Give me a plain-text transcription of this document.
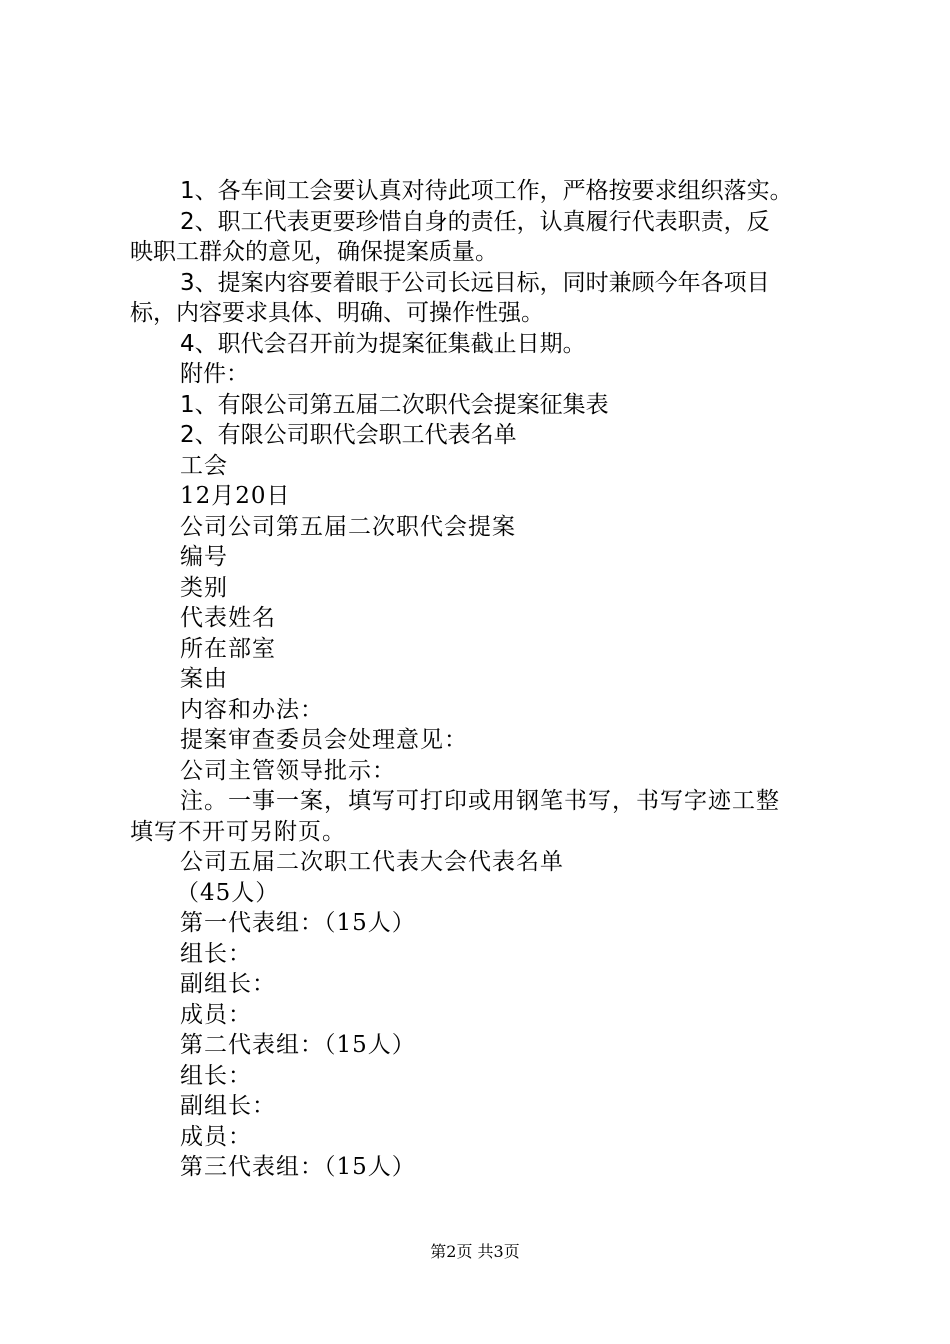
1、各车间工会要认真对待此项工作，严格按要求组织落实。
2、职工代表更要珍惜自身的责任，认真履行代表职责，反
映职工群众的意见，确保提案质量。
3、提案内容要着眼于公司长远目标，同时兼顾今年各项目
标，内容要求具体、明确、可操作性强。
4、职代会召开前为提案征集截止日期。
附件：
1、有限公司第五届二次职代会提案征集表
2、有限公司职代会职工代表名单
工会
12月20日
公司公司第五届二次职代会提案
编号
类别
代表姓名
所在部室
案由
内容和办法：
提案审查委员会处理意见：
公司主管领导批示：
注。一事一案，填写可打印或用钢笔书写，书写字迹工整
填写不开可另附页。
公司五届二次职工代表大会代表名单
（45人）
第一代表组：（15人）
组长：
副组长：
成员：
第二代表组：（15人）
组长：
副组长：
成员：
第三代表组：（15人）
第2页 共3页
